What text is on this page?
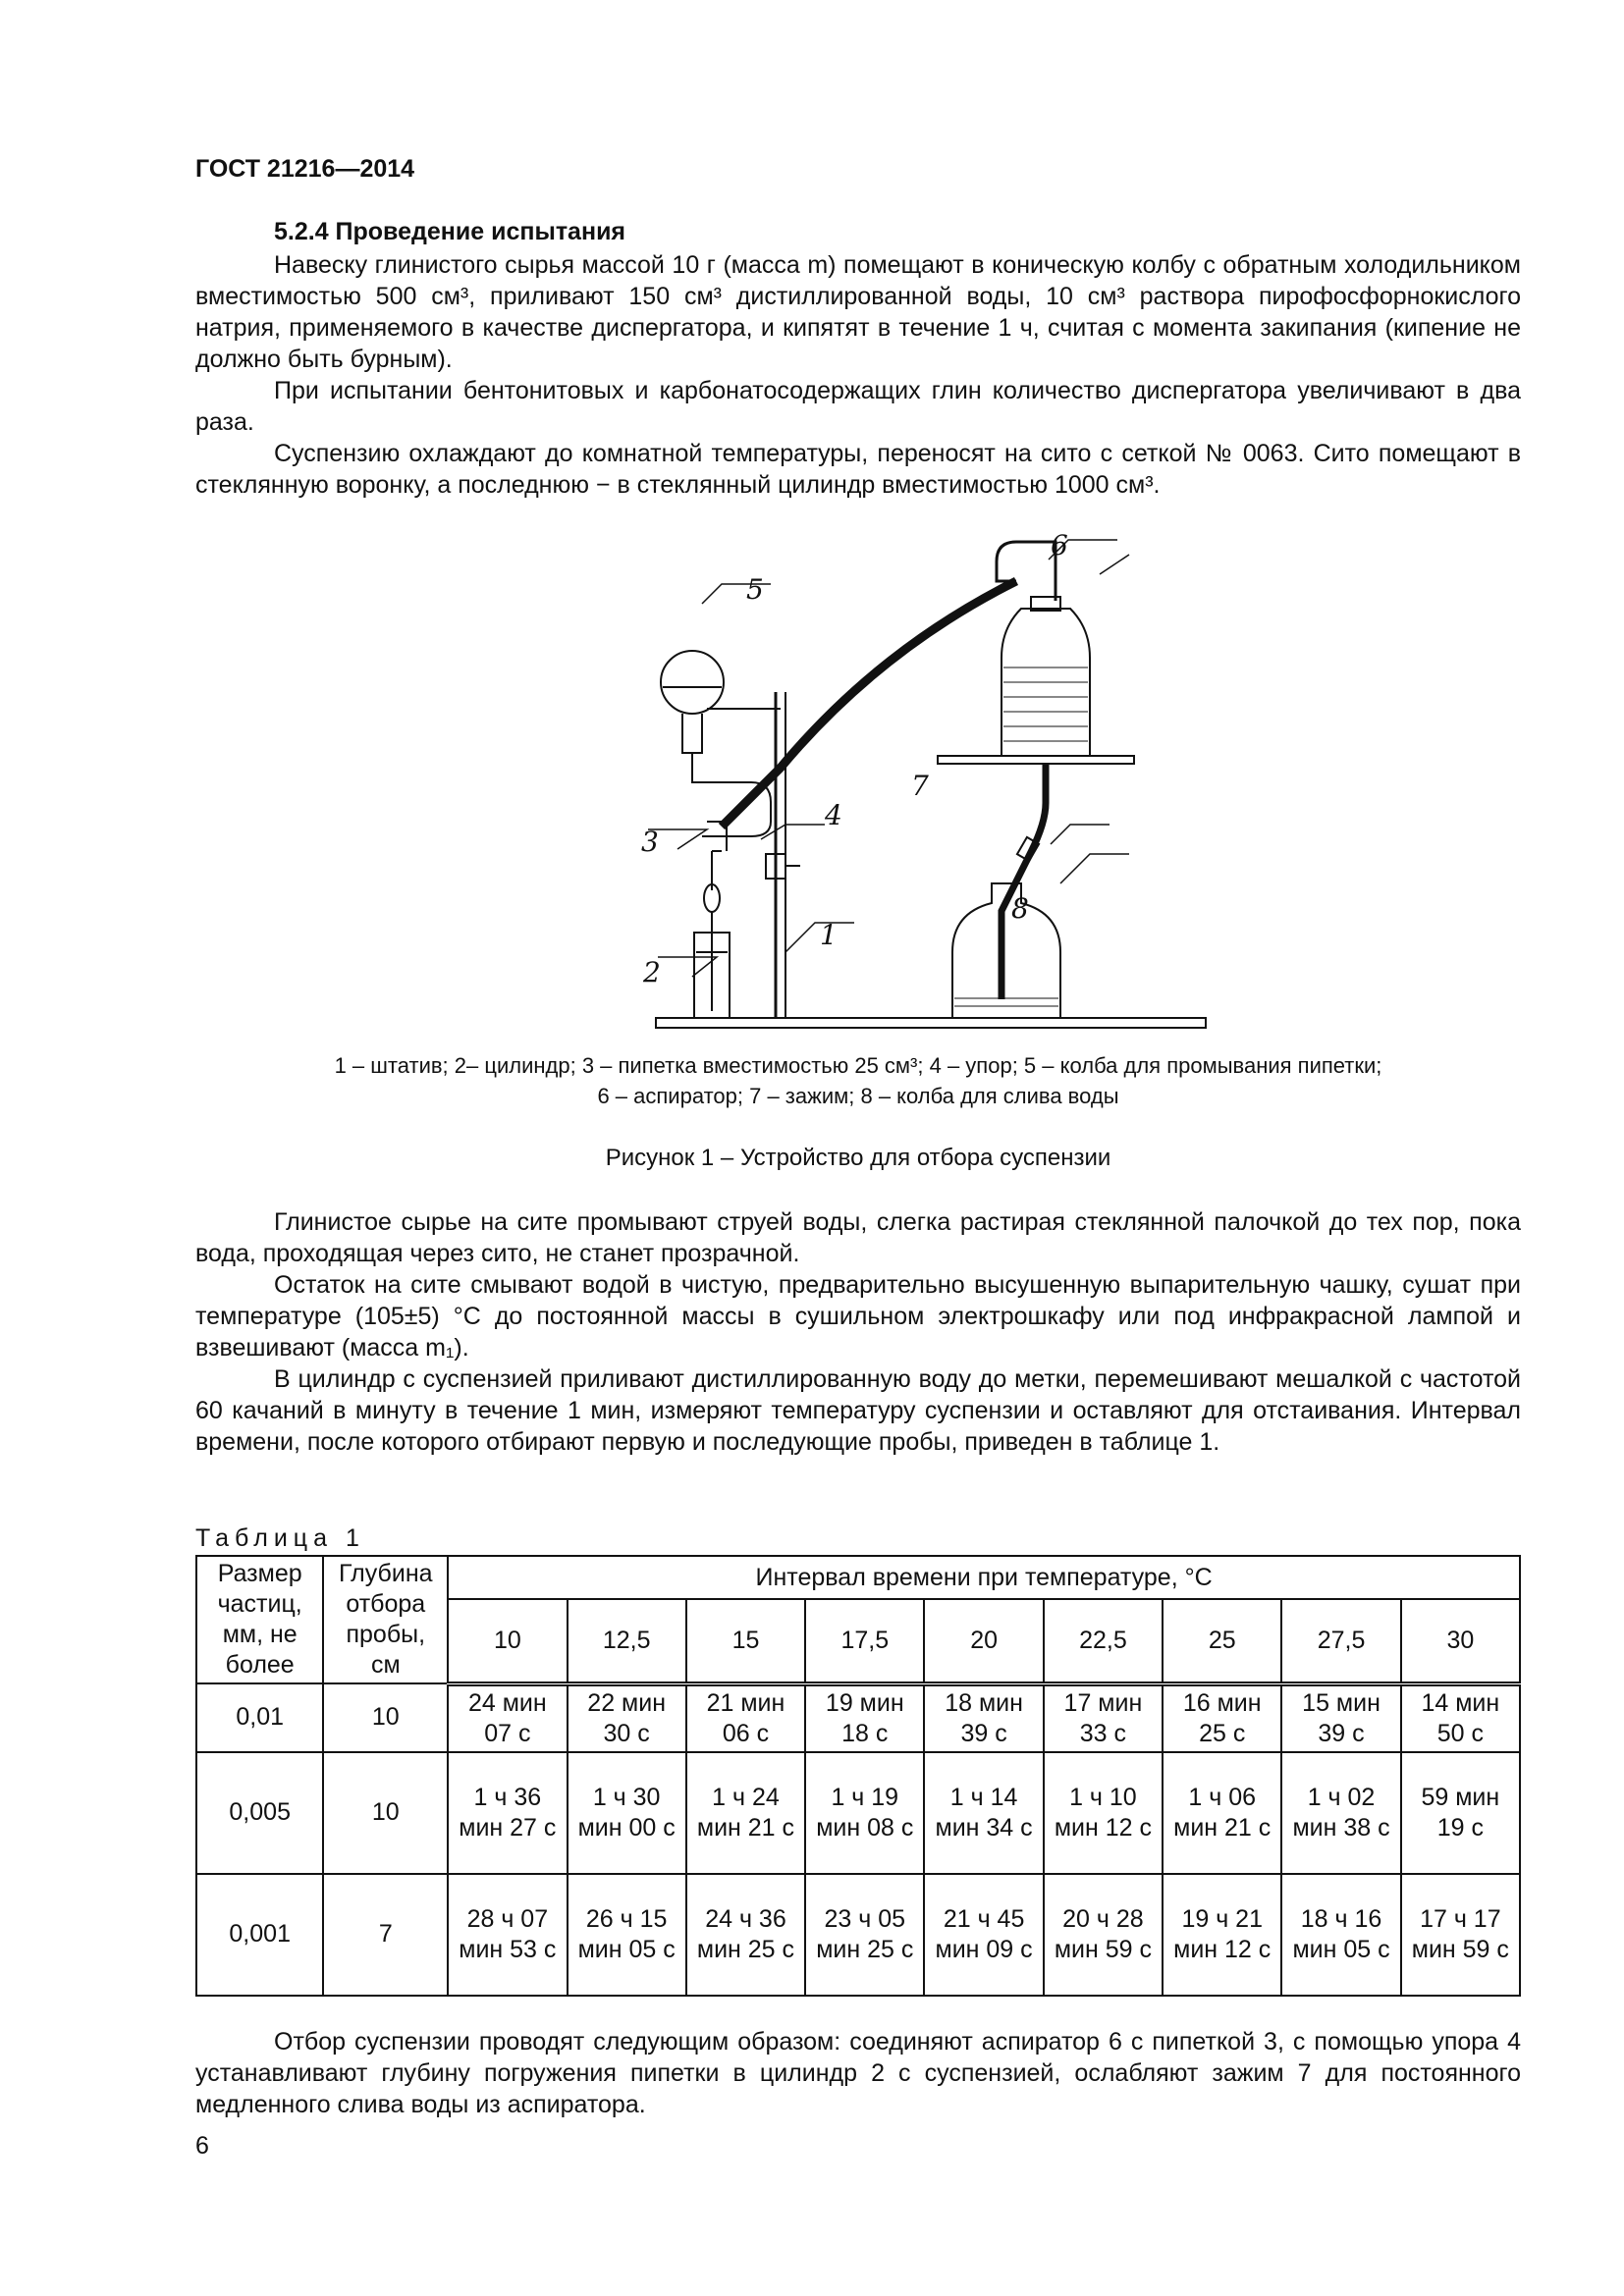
ГОСТ 21216—2014
5.2.4 Проведение испытания
Навеску глинистого сырья массой 10 г (масса m) помещают в коническую колбу с обратным холодильником вместимостью 500 см³, приливают 150 см³ дистиллированной воды, 10 см³ раствора пирофосфорнокислого натрия, применяемого в качестве диспергатора, и кипятят в течение 1 ч, считая с момента закипания (кипение не должно быть бурным).
При испытании бентонитовых и карбонатосодержащих глин количество диспергатора увеличивают в два раза.
Суспензию охлаждают до комнатной температуры, переносят на сито с сеткой № 0063. Сито помещают в стеклянную воронку, а последнюю − в стеклянный цилиндр вместимостью 1000 см³.
1
2
3
4
5
6
7
8
1 – штатив; 2– цилиндр; 3 – пипетка вместимостью 25 см³; 4 – упор; 5 – колба для промывания пипетки;
6 – аспиратор; 7 – зажим; 8 – колба для слива воды
Рисунок 1 – Устройство для отбора суспензии
Глинистое сырье на сите промывают струей воды, слегка растирая стеклянной палочкой до тех пор, пока вода, проходящая через сито, не станет прозрачной.
Остаток на сите смывают водой в чистую, предварительно высушенную выпарительную чашку, сушат при температуре (105±5) °С до постоянной массы в сушильном электрошкафу или под инфракрасной лампой и взвешивают (масса m₁).
В цилиндр с суспензией приливают дистиллированную воду до метки, перемешивают мешалкой с частотой 60 качаний в минуту в течение 1 мин, измеряют температуру суспензии и оставляют для отстаивания. Интервал времени, после которого отбирают первую и последующие пробы, приведен в таблице 1.
Таблица 1
Размер частиц, мм, не более	Глубина отбора пробы, см	Интервал времени при температуре, °С								
		10	12,5	15	17,5	20	22,5	25	27,5	30
0,01	10	24 мин 07 с	22 мин 30 с	21 мин 06 с	19 мин 18 с	18 мин 39 с	17 мин 33 с	16 мин 25 с	15 мин 39 с	14 мин 50 с
0,005	10	1 ч 36 мин 27 с	1 ч 30 мин 00 с	1 ч 24 мин 21 с	1 ч 19 мин 08 с	1 ч 14 мин 34 с	1 ч 10 мин 12 с	1 ч 06 мин 21 с	1 ч 02 мин 38 с	59 мин 19 с
0,001	7	28 ч 07 мин 53 с	26 ч 15 мин 05 с	24 ч 36 мин 25 с	23 ч 05 мин 25 с	21 ч 45 мин 09 с	20 ч 28 мин 59 с	19 ч 21 мин 12 с	18 ч 16 мин 05 с	17 ч 17 мин 59 с
Отбор суспензии проводят следующим образом: соединяют аспиратор 6 с пипеткой 3, с помощью упора 4 устанавливают глубину погружения пипетки в цилиндр 2 с суспензией, ослабляют зажим 7 для постоянного медленного слива воды из аспиратора.
6
